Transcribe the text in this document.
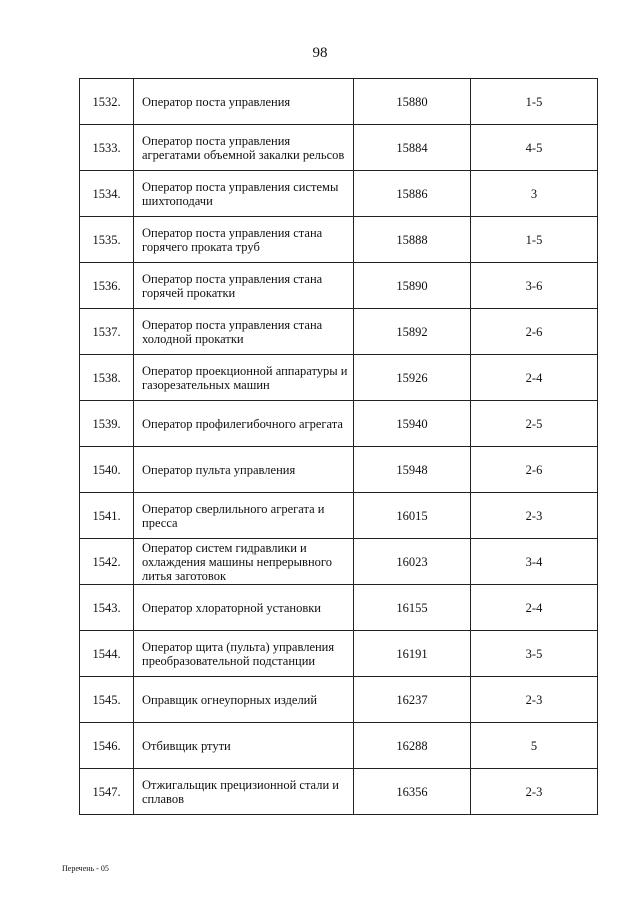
98
1532.	Оператор поста управления	15880	1-5
1533.	Оператор поста управления агрегатами объемной закалки рельсов	15884	4-5
1534.	Оператор поста управления системы шихтоподачи	15886	3
1535.	Оператор поста управления стана горячего проката труб	15888	1-5
1536.	Оператор поста управления стана горячей прокатки	15890	3-6
1537.	Оператор поста управления стана холодной прокатки	15892	2-6
1538.	Оператор проекционной аппаратуры и газорезательных машин	15926	2-4
1539.	Оператор профилегибочного агрегата	15940	2-5
1540.	Оператор пульта управления	15948	2-6
1541.	Оператор сверлильного агрегата и пресса	16015	2-3
1542.	Оператор систем гидравлики и охлаждения машины непрерывного литья заготовок	16023	3-4
1543.	Оператор хлораторной установки	16155	2-4
1544.	Оператор щита (пульта) управления преобразовательной подстанции	16191	3-5
1545.	Оправщик огнеупорных изделий	16237	2-3
1546.	Отбивщик ртути	16288	5
1547.	Отжигальщик прецизионной стали и сплавов	16356	2-3
Перечень - 05
